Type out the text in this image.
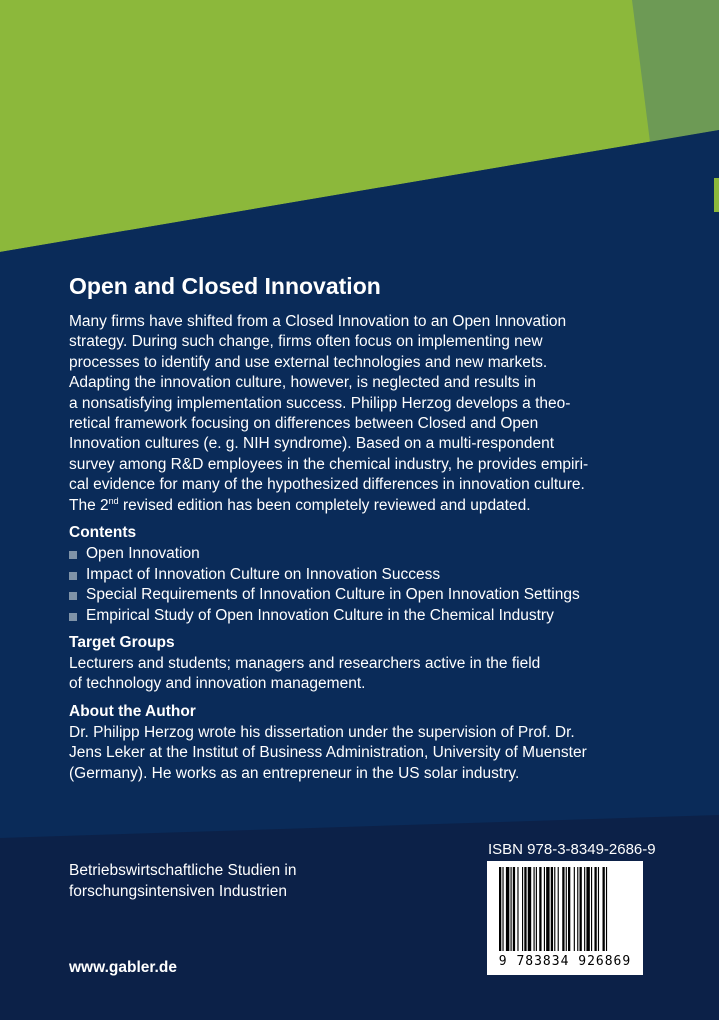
Open and Closed Innovation
Many firms have shifted from a Closed Innovation to an Open Innovation
strategy. During such change, firms often focus on implementing new
processes to identify and use external technologies and new markets.
Adapting the innovation culture, however, is neglected and results in
a nonsatisfying implementation success. Philipp Herzog develops a theo-
retical framework focusing on differences between Closed and Open
Innovation cultures (e. g. NIH syndrome). Based on a multi-respondent
survey among R&D employees in the chemical industry, he provides empiri-
cal evidence for many of the hypothesized differences in innovation culture.
The 2nd revised edition has been completely reviewed and updated.
Contents
Open Innovation
Impact of Innovation Culture on Innovation Success
Special Requirements of Innovation Culture in Open Innovation Settings
Empirical Study of Open Innovation Culture in the Chemical Industry
Target Groups
Lecturers and students; managers and researchers active in the field
of technology and innovation management.
About the Author
Dr. Philipp Herzog wrote his dissertation under the supervision of Prof. Dr.
Jens Leker at the Institut of Business Administration, University of Muenster
(Germany). He works as an entrepreneur in the US solar industry.
Betriebswirtschaftliche Studien in
forschungsintensiven Industrien
www.gabler.de
ISBN 978-3-8349-2686-9
9 783834 926869
